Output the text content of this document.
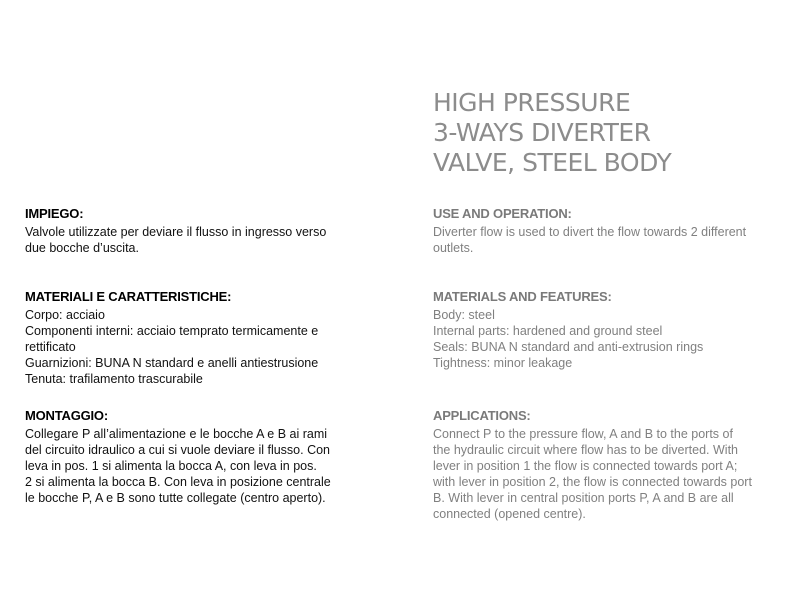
HIGH PRESSURE
3-WAYS DIVERTER
VALVE, STEEL BODY
IMPIEGO:
Valvole utilizzate per deviare il flusso in ingresso verso
due bocche d’uscita.
MATERIALI E CARATTERISTICHE:
Corpo: acciaio
Componenti interni: acciaio temprato termicamente e
rettificato
Guarnizioni: BUNA N standard e anelli antiestrusione
Tenuta: trafilamento trascurabile
MONTAGGIO:
Collegare P all’alimentazione e le bocche A e B ai rami
del circuito idraulico a cui si vuole deviare il flusso. Con
leva in pos. 1 si alimenta la bocca A, con leva in pos.
2 si alimenta la bocca B. Con leva in posizione centrale
le bocche P, A e B sono tutte collegate (centro aperto).
USE AND OPERATION:
Diverter flow is used to divert the flow towards 2 different
outlets.
MATERIALS AND FEATURES:
Body: steel
Internal parts: hardened and ground steel
Seals: BUNA N standard and anti-extrusion rings
Tightness: minor leakage
APPLICATIONS:
Connect P to the pressure flow, A and B to the ports of
the hydraulic circuit where flow has to be diverted. With
lever in position 1 the flow is connected towards port A;
with lever in position 2, the flow is connected towards port
B. With lever in central position ports P, A and B are all
connected (opened centre).
